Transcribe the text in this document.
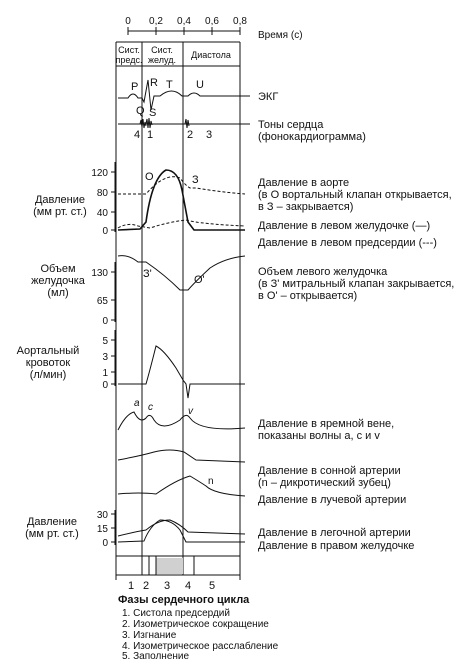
0 0,2 0,4 0,6 0,8
Время (с)
Сист.
предс.
Сист.
желуд. Диастола
P R T U
Q S
ЭКГ
4 1	2 3
Тоны сердца
(фонокардиограмма)
120
80
40
0
Давление
(мм рт. ст.)
O	З	Давление в аорте
(в О вортальный клапан открывается,
в З – закрывается)
Давление в левом желудочке (—)
Давление в левом предсердии (---)
130
65
0
Объем
желудочка
(мл)
З'	О'
Объем левого желудочка
(в З' митральный клапан закрывается,
в О' – открывается)
5
3
1
0
Аортальный
кровоток
(л/мин)
a c	v
n
Давление в яремной вене,
показаны волны а, с и v
Давление в сонной артерии
(n – дикротический зубец)
Давление в лучевой артерии
30
15
0
Давление
(мм рт. ст.)	Давление в легочной артерии
Давление в правом желудочке
1 2 3 4 5
Фазы сердечного цикла
1. Систола предсердий
2. Изометрическое сокращение
3. Изгнание
4. Изометрическое расслабление
5. Заполнение
